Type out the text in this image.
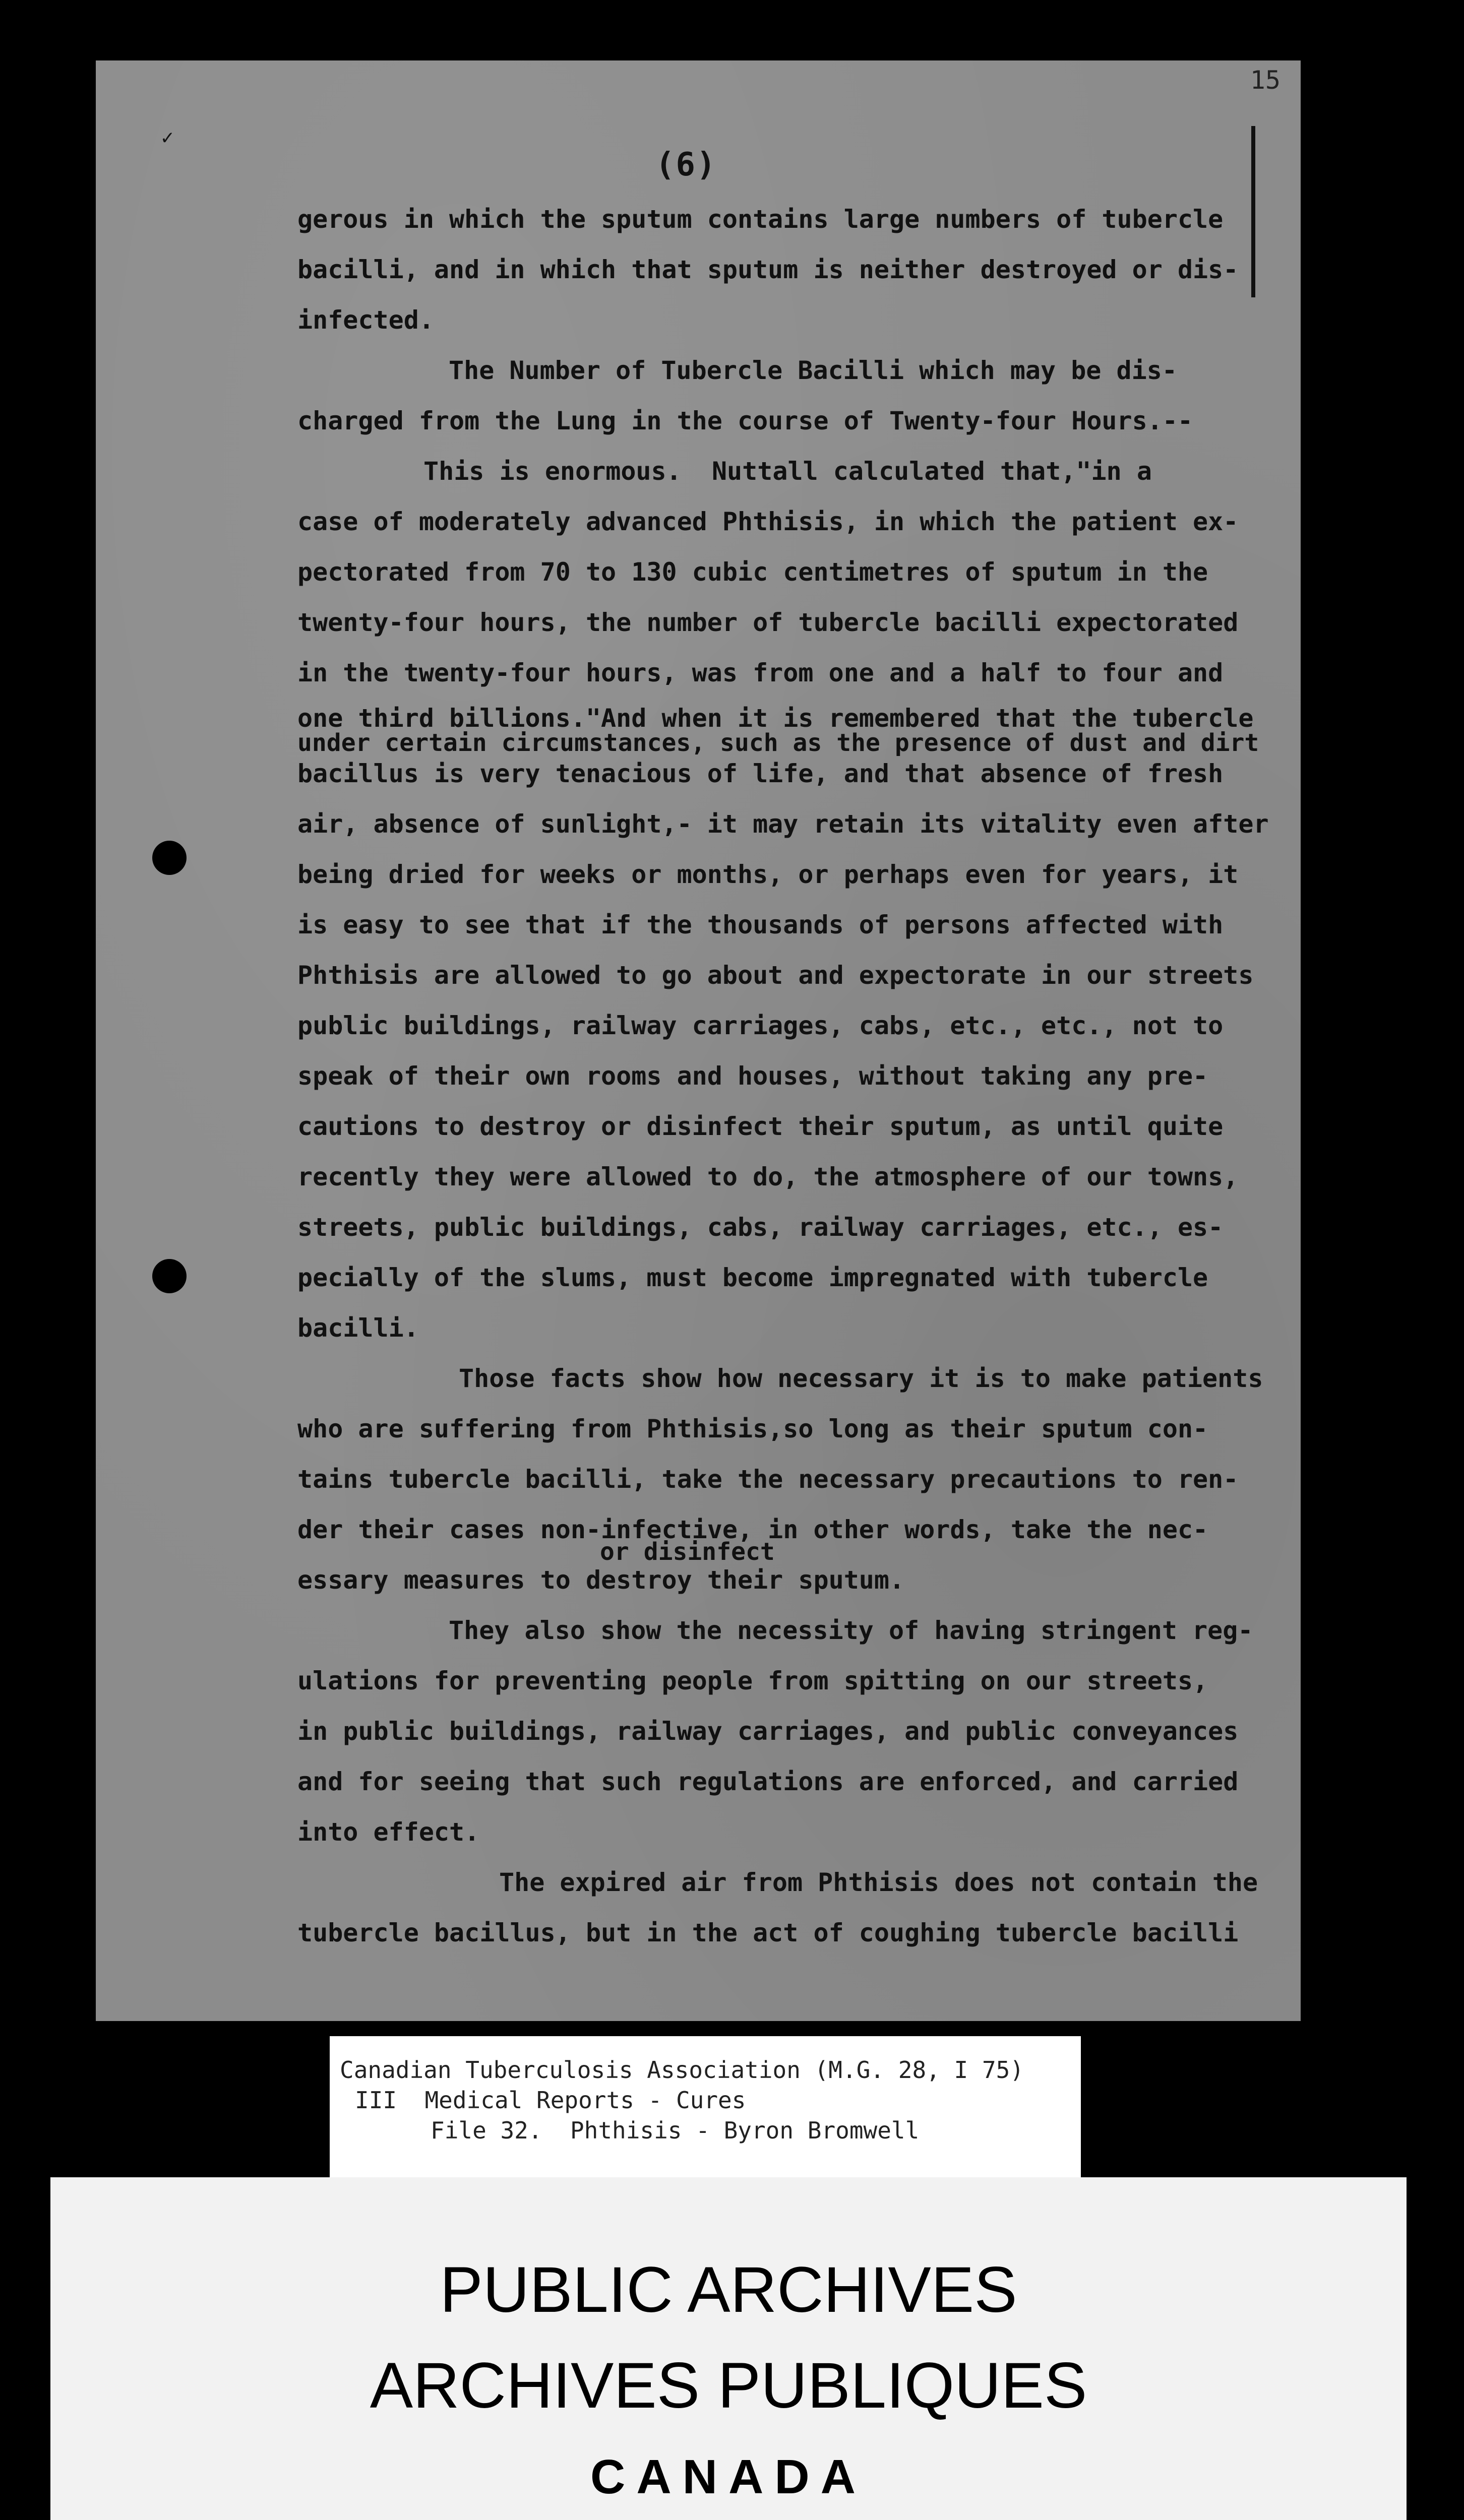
✓
15
(6)
gerous in which the sputum contains large numbers of tubercle
bacilli, and in which that sputum is neither destroyed or dis-
infected.
The Number of Tubercle Bacilli which may be dis-
charged from the Lung in the course of Twenty-four Hours.--
This is enormous.  Nuttall calculated that,"in a
case of moderately advanced Phthisis, in which the patient ex-
pectorated from 70 to 130 cubic centimetres of sputum in the
twenty-four hours, the number of tubercle bacilli expectorated
in the twenty-four hours, was from one and a half to four and
one third billions."And when it is remembered that the tubercle
under certain circumstances, such as the presence of dust and dirt
bacillus is very tenacious of life, and that absence of fresh
air, absence of sunlight,- it may retain its vitality even after
being dried for weeks or months, or perhaps even for years, it
is easy to see that if the thousands of persons affected with
Phthisis are allowed to go about and expectorate in our streets
public buildings, railway carriages, cabs, etc., etc., not to
speak of their own rooms and houses, without taking any pre-
cautions to destroy or disinfect their sputum, as until quite
recently they were allowed to do, the atmosphere of our towns,
streets, public buildings, cabs, railway carriages, etc., es-
pecially of the slums, must become impregnated with tubercle
bacilli.
Those facts show how necessary it is to make patients
who are suffering from Phthisis,so long as their sputum con-
tains tubercle bacilli, take the necessary precautions to ren-
der their cases non-infective, in other words, take the nec-
or disinfect
essary measures to destroy their sputum.
They also show the necessity of having stringent reg-
ulations for preventing people from spitting on our streets,
in public buildings, railway carriages, and public conveyances
and for seeing that such regulations are enforced, and carried
into effect.
The expired air from Phthisis does not contain the
tubercle bacillus, but in the act of coughing tubercle bacilli
Canadian Tuberculosis Association (M.G. 28, I 75)
III  Medical Reports - Cures
File 32.  Phthisis - Byron Bromwell
PUBLIC ARCHIVES
ARCHIVES PUBLIQUES
CANADA
